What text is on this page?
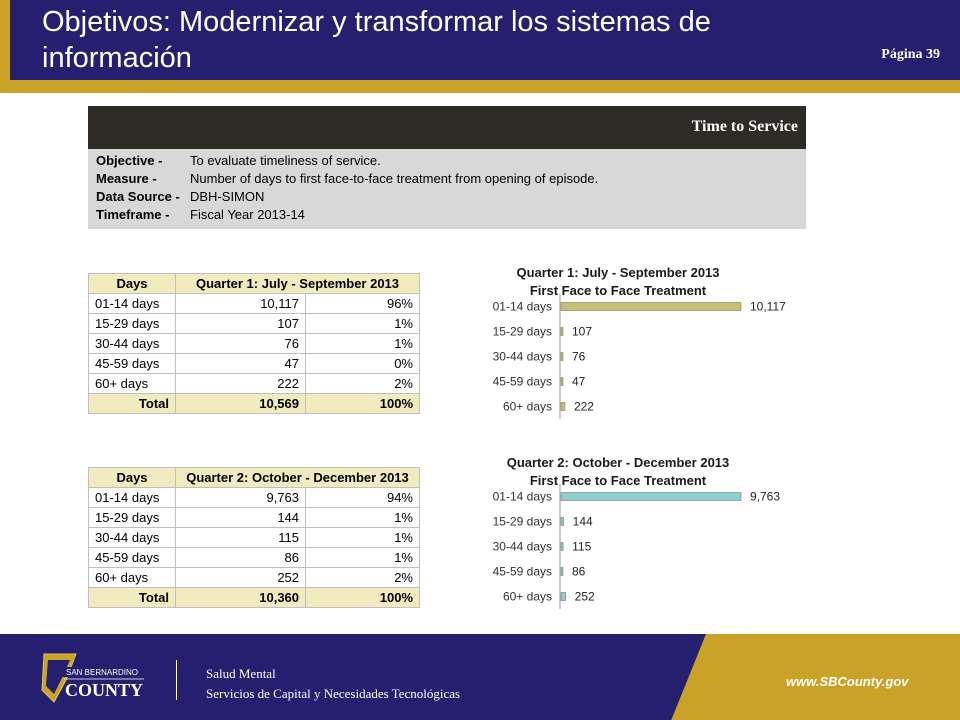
Objetivos: Modernizar y transformar los sistemas de información	Página 39
Time to Service
Objective - To evaluate timeliness of service.
Measure -	Number of days to first face-to-face treatment from opening of episode.
Data Source - DBH-SIMON
Timeframe - Fiscal Year 2013-14
Days	Quarter 1: July - September 2013	
01-14 days	10,117	96%
15-29 days	107	1%
30-44 days	76	1%
45-59 days	47	0%
60+ days	222	2%
Total	10,569	100%
Days	Quarter 2: October - December 2013	
01-14 days	9,763	94%
15-29 days	144	1%
30-44 days	115	1%
45-59 days	86	1%
60+ days	252	2%
Total	10,360	100%
Quarter 1: July - September 2013
First Face to Face Treatment
01-14 days	10,117
15-29 days 107
30-44 days 76
45-59 days 47
60+ days 222
Quarter 2: October - December 2013
First Face to Face Treatment
01-14 days	9,763
15-29 days 144
30-44 days 115
45-59 days 86
60+ days 252
SAN BERNARDINO
COUNTY
Salud Mental
Servicios de Capital y Necesidades Tecnológicas
www.SBCounty.gov
